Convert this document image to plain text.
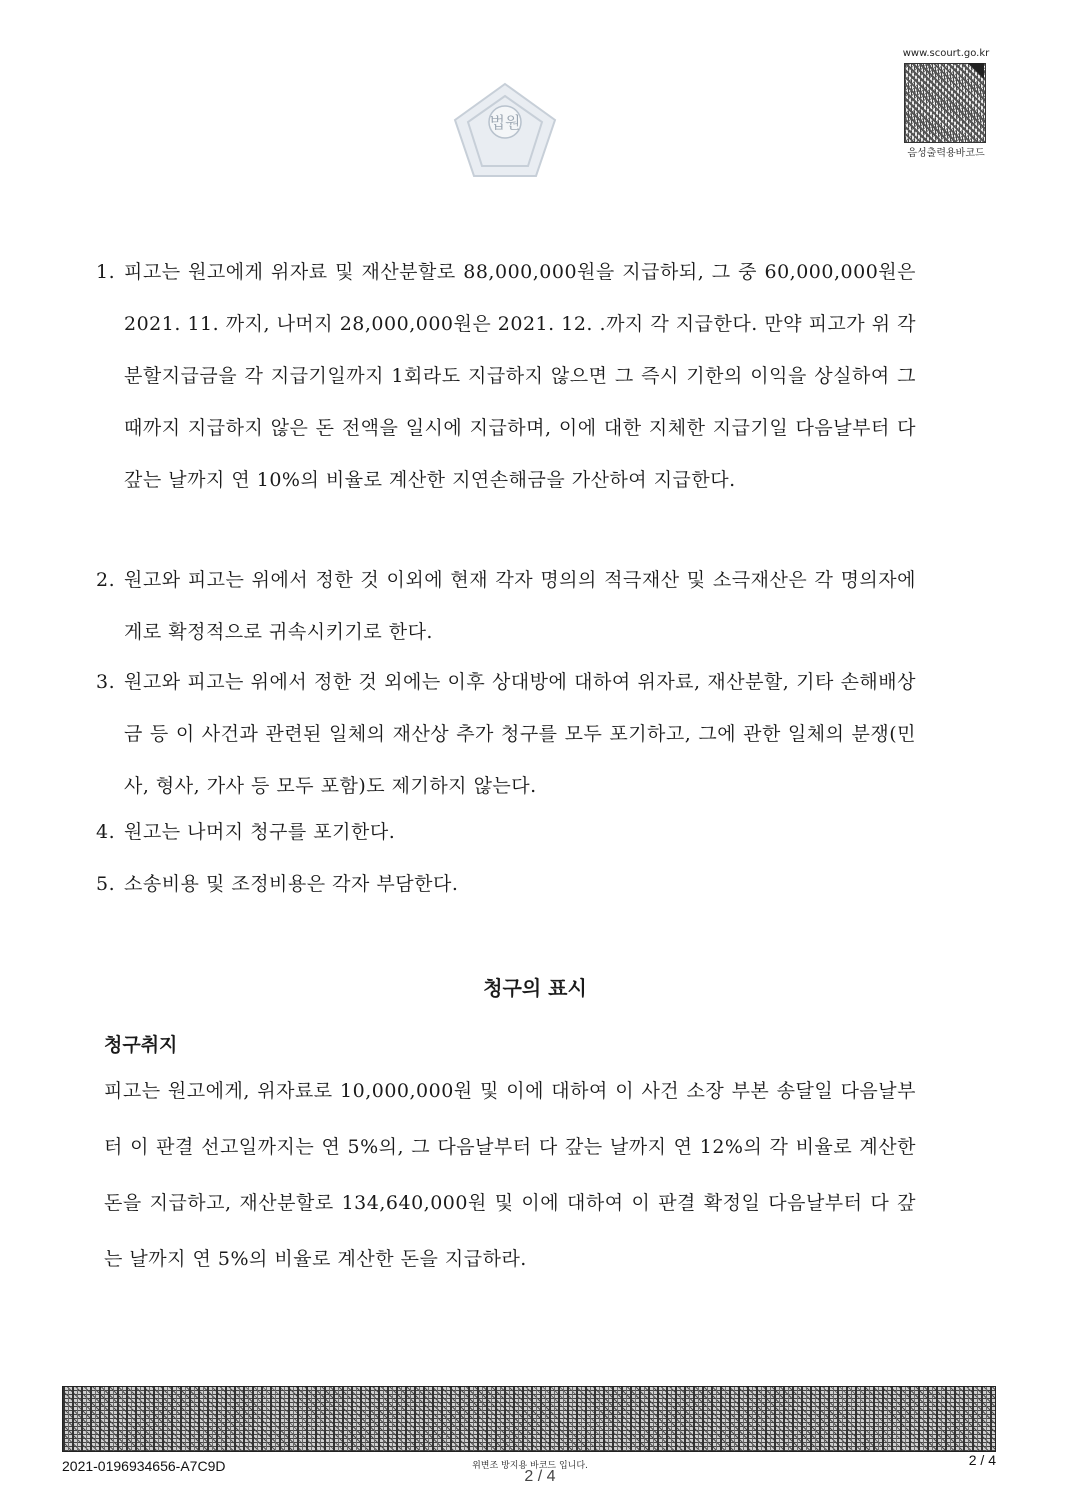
법원
www.scourt.go.kr
음성출력용바코드
1. 피고는 원고에게 위자료 및 재산분할로 88,000,000원을 지급하되, 그 중 60,000,000원은 2021. 11. 까지, 나머지 28,000,000원은 2021. 12. .까지 각 지급한다. 만약 피고가 위 각 분할지급금을 각 지급기일까지 1회라도 지급하지 않으면 그 즉시 기한의 이익을 상실하여 그때까지 지급하지 않은 돈 전액을 일시에 지급하며, 이에 대한 지체한 지급기일 다음날부터 다 갚는 날까지 연 10%의 비율로 계산한 지연손해금을 가산하여 지급한다.
2. 원고와 피고는 위에서 정한 것 이외에 현재 각자 명의의 적극재산 및 소극재산은 각 명의자에게로 확정적으로 귀속시키기로 한다.
3. 원고와 피고는 위에서 정한 것 외에는 이후 상대방에 대하여 위자료, 재산분할, 기타 손해배상금 등 이 사건과 관련된 일체의 재산상 추가 청구를 모두 포기하고, 그에 관한 일체의 분쟁(민사, 형사, 가사 등 모두 포함)도 제기하지 않는다.
4. 원고는 나머지 청구를 포기한다.
5. 소송비용 및 조정비용은 각자 부담한다.
청구의 표시
청구취지
피고는 원고에게, 위자료로 10,000,000원 및 이에 대하여 이 사건 소장 부본 송달일 다음날부터 이 판결 선고일까지는 연 5%의, 그 다음날부터 다 갚는 날까지 연 12%의 각 비율로 계산한 돈을 지급하고, 재산분할로 134,640,000원 및 이에 대하여 이 판결 확정일 다음날부터 다 갚는 날까지 연 5%의 비율로 계산한 돈을 지급하라.
2021-0196934656-A7C9D	위변조 방지용 바코드 입니다.
2 / 4
2 / 4
